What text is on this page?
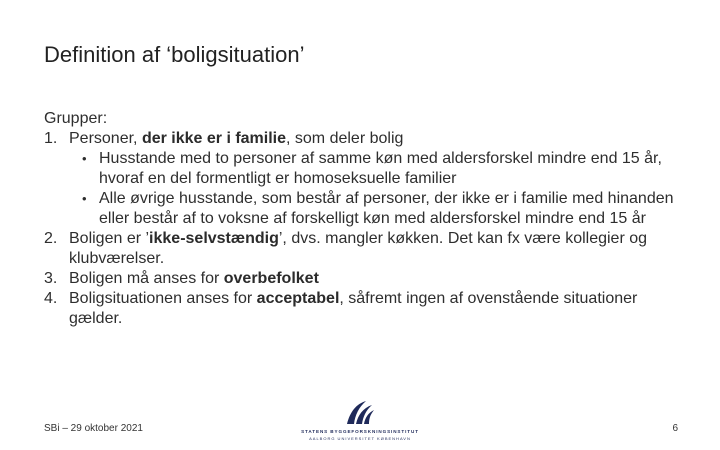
Definition af ‘boligsituation’
Grupper:
1. Personer, der ikke er i familie, som deler bolig
• Husstande med to personer af samme køn med aldersforskel mindre end 15 år, hvoraf en del formentligt er homoseksuelle familier
• Alle øvrige husstande, som består af personer, der ikke er i familie med hinanden eller består af to voksne af forskelligt køn med aldersforskel mindre end 15 år
2. Boligen er ’ikke-selvstændig’, dvs. mangler køkken. Det kan fx være kollegier og klubværelser.
3. Boligen må anses for overbefolket
4. Boligsituationen anses for acceptabel, såfremt ingen af ovenstående situationer gælder.
SBi – 29 oktober 2021	STATENS BYGGEFORSKNINGSINSTITUT
AALBORG UNIVERSITET KØBENHAVN
6
